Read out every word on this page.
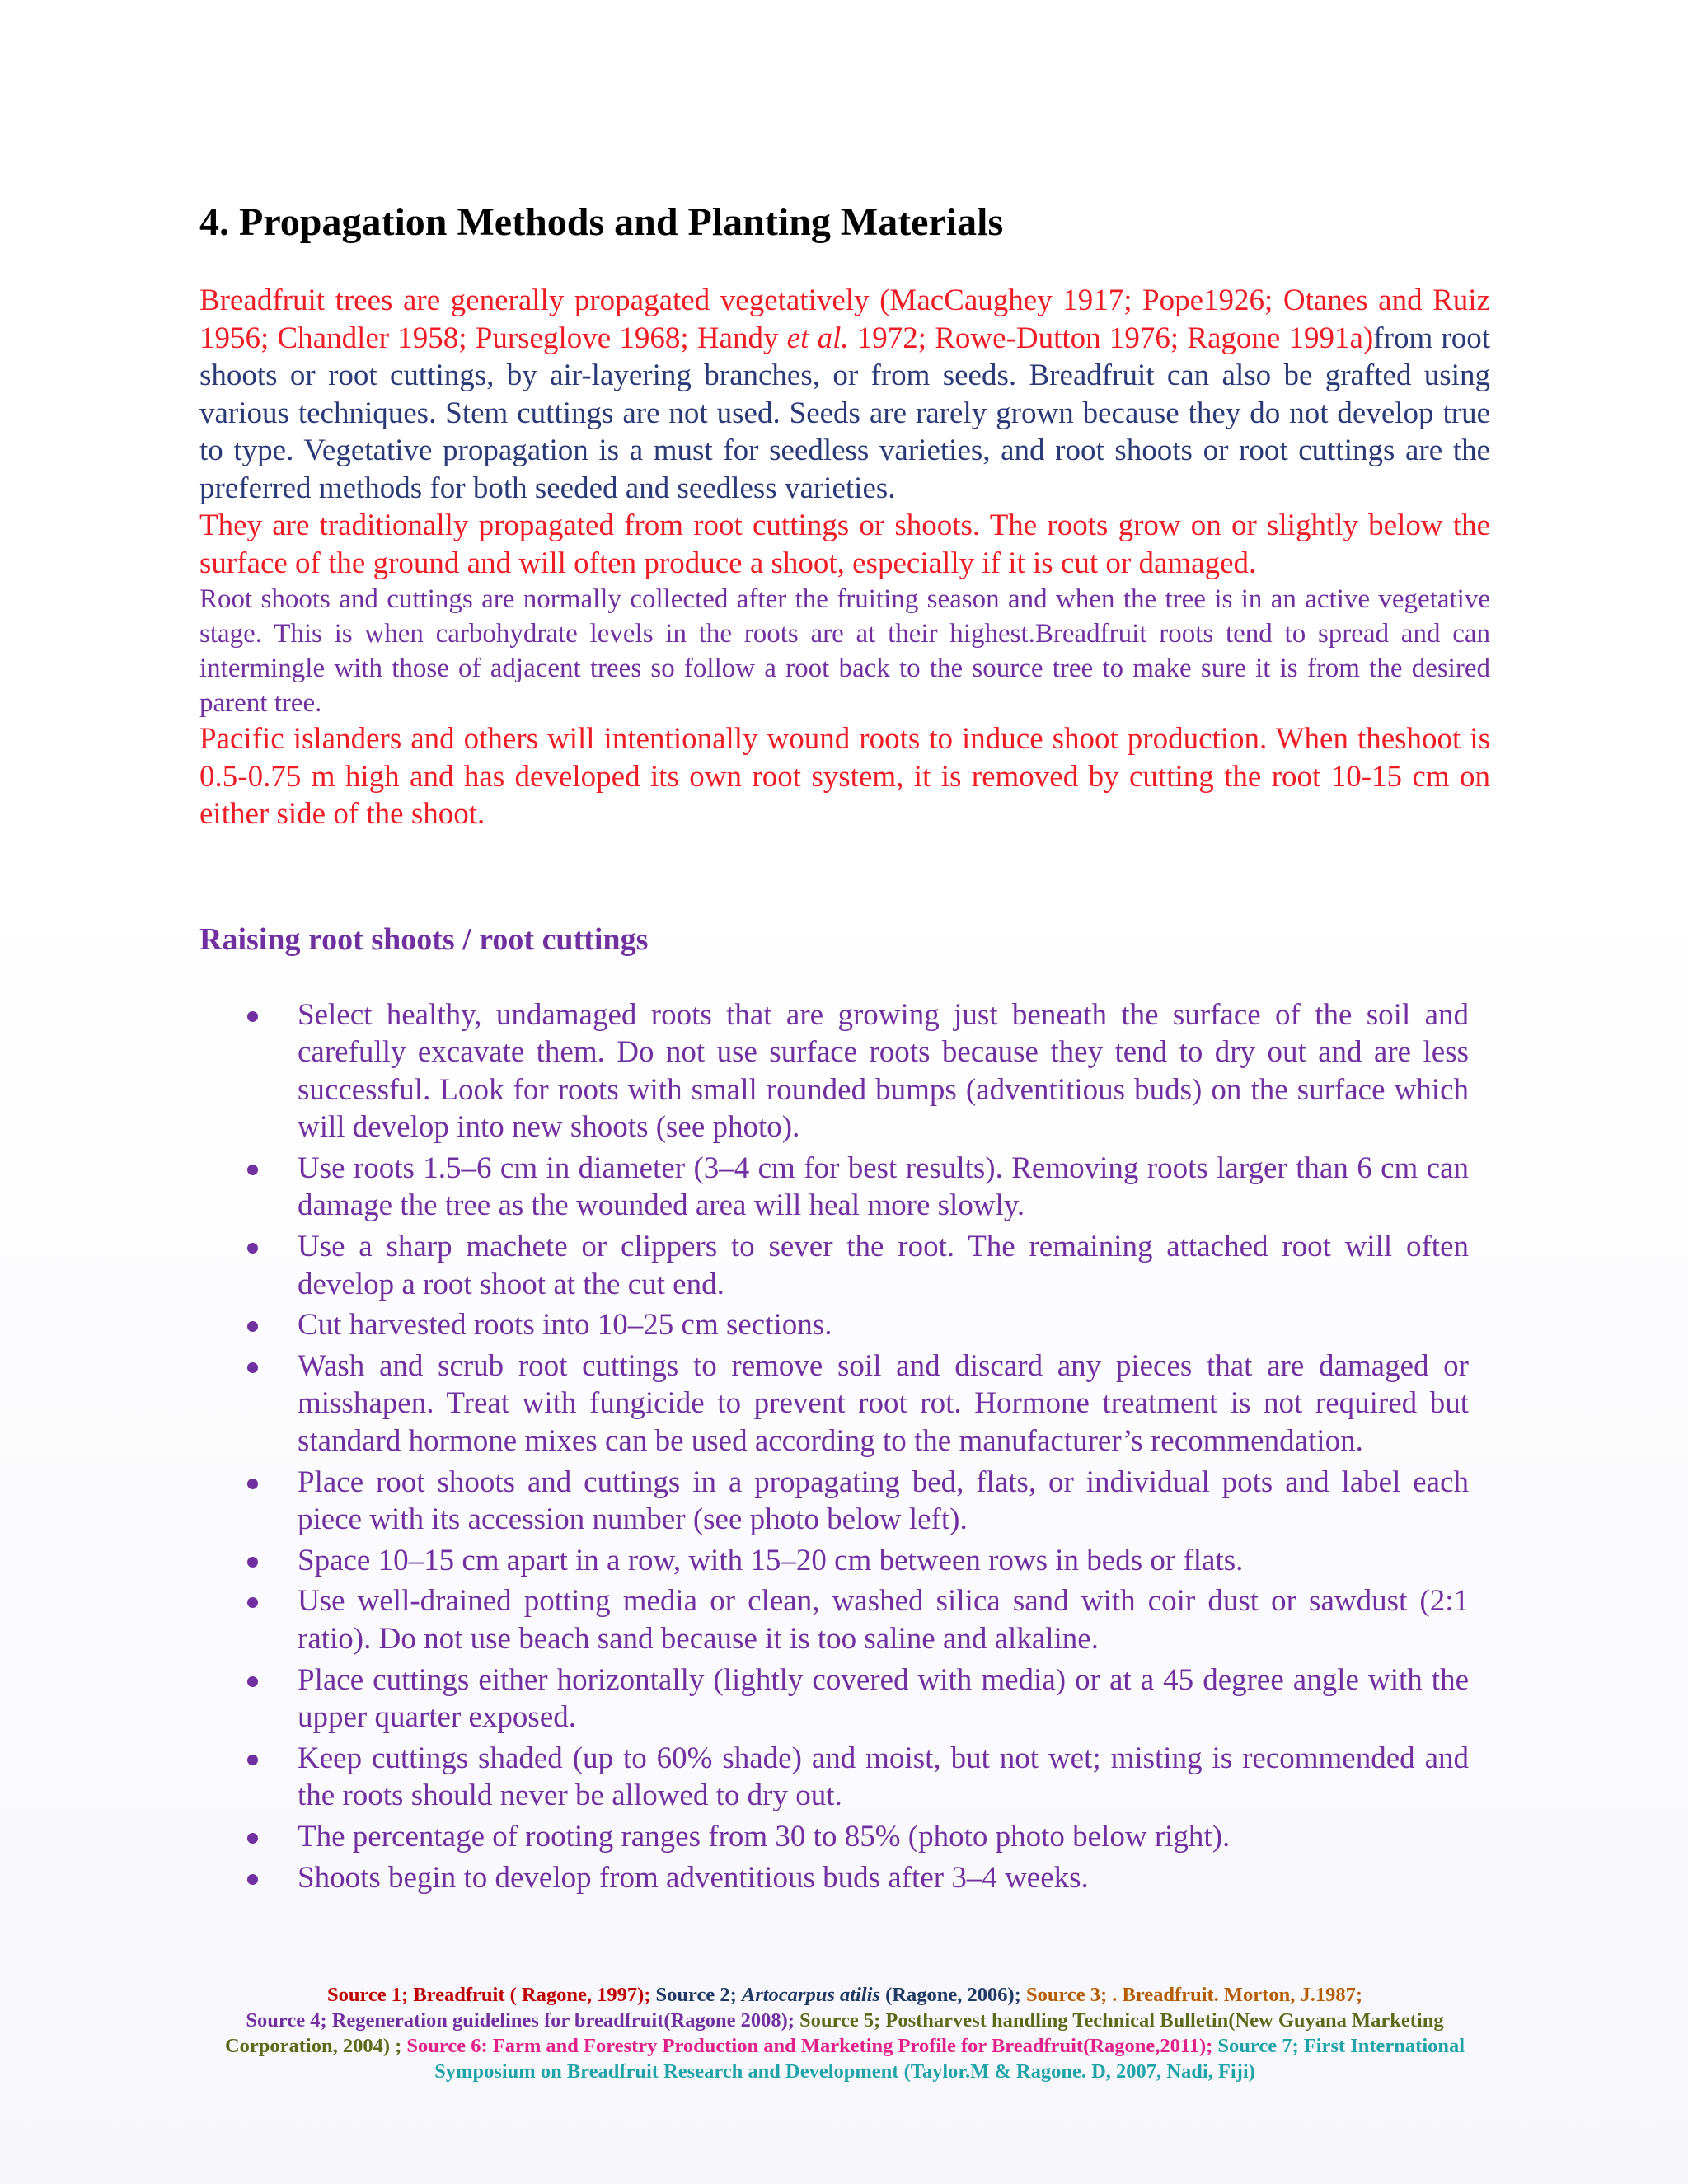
4. Propagation Methods and Planting Materials

Breadfruit trees are generally propagated vegetatively (MacCaughey 1917; Pope1926; Otanes and Ruiz 1956; Chandler 1958; Purseglove 1968; Handy et al. 1972; Rowe-Dutton 1976; Ragone 1991a)from root shoots or root cuttings, by air-layering branches, or from seeds. Breadfruit can also be grafted using various techniques. Stem cuttings are not used. Seeds are rarely grown because they do not develop true to type. Vegetative propagation is a must for seedless varieties, and root shoots or root cuttings are the preferred methods for both seeded and seedless varieties.

They are traditionally propagated from root cuttings or shoots. The roots grow on or slightly below the surface of the ground and will often produce a shoot, especially if it is cut or damaged.

Root shoots and cuttings are normally collected after the fruiting season and when the tree is in an active vegetative stage. This is when carbohydrate levels in the roots are at their highest.Breadfruit roots tend to spread and can intermingle with those of adjacent trees so follow a root back to the source tree to make sure it is from the desired parent tree.

Pacific islanders and others will intentionally wound roots to induce shoot production. When theshoot is 0.5-0.75 m high and has developed its own root system, it is removed by cutting the root 10-15 cm on either side of the shoot.

Raising root shoots / root cuttings
Select healthy, undamaged roots that are growing just beneath the surface of the soil and carefully excavate them. Do not use surface roots because they tend to dry out and are less successful. Look for roots with small rounded bumps (adventitious buds) on the surface which will develop into new shoots (see photo).
Use roots 1.5–6 cm in diameter (3–4 cm for best results). Removing roots larger than 6 cm can damage the tree as the wounded area will heal more slowly.
Use a sharp machete or clippers to sever the root. The remaining attached root will often develop a root shoot at the cut end.
Cut harvested roots into 10–25 cm sections.
Wash and scrub root cuttings to remove soil and discard any pieces that are damaged or misshapen. Treat with fungicide to prevent root rot. Hormone treatment is not required but standard hormone mixes can be used according to the manufacturer’s recommendation.
Place root shoots and cuttings in a propagating bed, flats, or individual pots and label each piece with its accession number (see photo below left).
Space 10–15 cm apart in a row, with 15–20 cm between rows in beds or flats.
Use well-drained potting media or clean, washed silica sand with coir dust or sawdust (2:1 ratio). Do not use beach sand because it is too saline and alkaline.
Place cuttings either horizontally (lightly covered with media) or at a 45 degree angle with the upper quarter exposed.
Keep cuttings shaded (up to 60% shade) and moist, but not wet; misting is recommended and the roots should never be allowed to dry out.
The percentage of rooting ranges from 30 to 85% (photo photo below right).
Shoots begin to develop from adventitious buds after 3–4 weeks.
Source 1; Breadfruit ( Ragone, 1997); Source 2; Artocarpus atilis (Ragone, 2006); Source 3; . Breadfruit. Morton, J.1987;
Source 4; Regeneration guidelines for breadfruit(Ragone 2008); Source 5; Postharvest handling Technical Bulletin(New Guyana Marketing Corporation, 2004) ; Source 6: Farm and Forestry Production and Marketing Profile for Breadfruit(Ragone,2011); Source 7; First International Symposium on Breadfruit Research and Development (Taylor.M & Ragone. D, 2007, Nadi, Fiji)
